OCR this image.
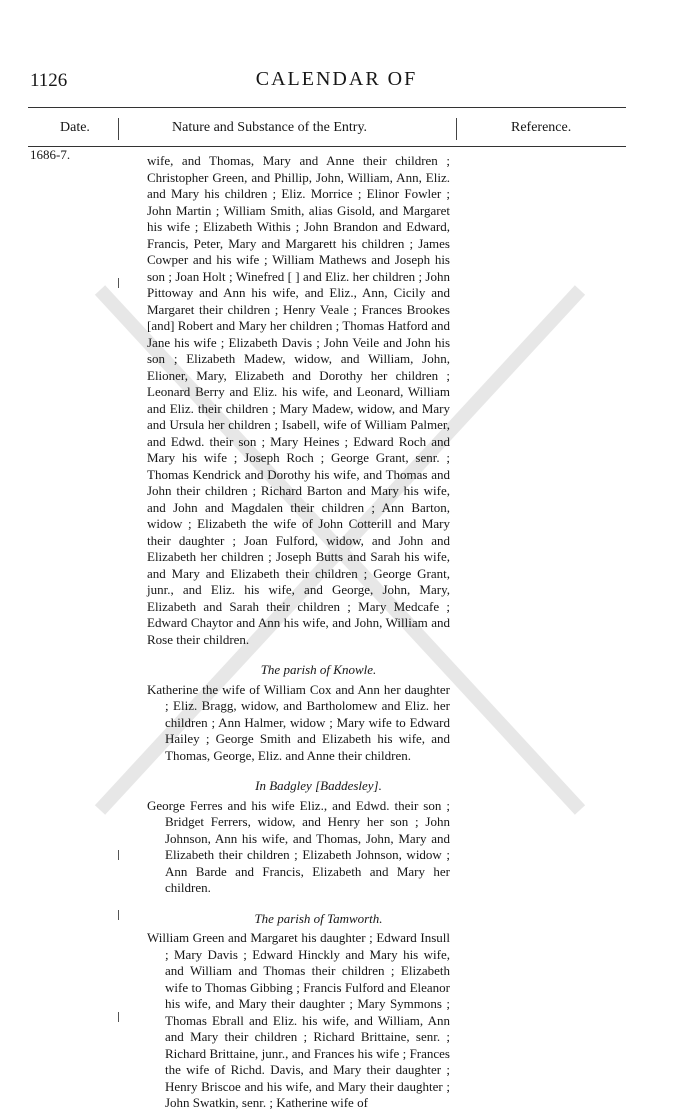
1126	CALENDAR OF
Date.	Nature and Substance of the Entry.	Reference.
1686-7.	wife, and Thomas, Mary and Anne their children ; Christopher Green, and Phillip, John, William, Ann, Eliz. and Mary his children ; Eliz. Morrice ; Elinor Fowler ; John Martin ; William Smith, alias Gisold, and Margaret his wife ; Elizabeth Withis ; John Brandon and Edward, Francis, Peter, Mary and Margarett his children ; James Cowper and his wife ; William Mathews and Joseph his son ; Joan Holt ; Winefred [ ] and Eliz. her children ; John Pittoway and Ann his wife, and Eliz., Ann, Cicily and Margaret their children ; Henry Veale ; Frances Brookes [and] Robert and Mary her children ; Thomas Hatford and Jane his wife ; Elizabeth Davis ; John Veile and John his son ; Elizabeth Madew, widow, and William, John, Elioner, Mary, Elizabeth and Dorothy her children ; Leonard Berry and Eliz. his wife, and Leonard, William and Eliz. their children ; Mary Madew, widow, and Mary and Ursula her children ; Isabell, wife of William Palmer, and Edwd. their son ; Mary Heines ; Edward Roch and Mary his wife ; Joseph Roch ; George Grant, senr. ; Thomas Kendrick and Dorothy his wife, and Thomas and John their children ; Richard Barton and Mary his wife, and John and Magdalen their children ; Ann Barton, widow ; Elizabeth the wife of John Cotterill and Mary their daughter ; Joan Fulford, widow, and John and Elizabeth her children ; Joseph Butts and Sarah his wife, and Mary and Elizabeth their children ; George Grant, junr., and Eliz. his wife, and George, John, Mary, Elizabeth and Sarah their children ; Mary Medcafe ; Edward Chaytor and Ann his wife, and John, William and Rose their children.
The parish of Knowle.
Katherine the wife of William Cox and Ann her daughter ; Eliz. Bragg, widow, and Bartholomew and Eliz. her children ; Ann Halmer, widow ; Mary wife to Edward Hailey ; George Smith and Elizabeth his wife, and Thomas, George, Eliz. and Anne their children.
In Badgley [Baddesley].
George Ferres and his wife Eliz., and Edwd. their son ; Bridget Ferrers, widow, and Henry her son ; John Johnson, Ann his wife, and Thomas, John, Mary and Elizabeth their children ; Elizabeth Johnson, widow ; Ann Barde and Francis, Elizabeth and Mary her children.
The parish of Tamworth.
William Green and Margaret his daughter ; Edward Insull ; Mary Davis ; Edward Hinckly and Mary his wife, and William and Thomas their children ; Elizabeth wife to Thomas Gibbing ; Francis Fulford and Eleanor his wife, and Mary their daughter ; Mary Symmons ; Thomas Ebrall and Eliz. his wife, and William, Ann and Mary their children ; Richard Brittaine, senr. ; Richard Brittaine, junr., and Frances his wife ; Frances the wife of Richd. Davis, and Mary their daughter ; Henry Briscoe and his wife, and Mary their daughter ; John Swatkin, senr. ; Katherine wife of
